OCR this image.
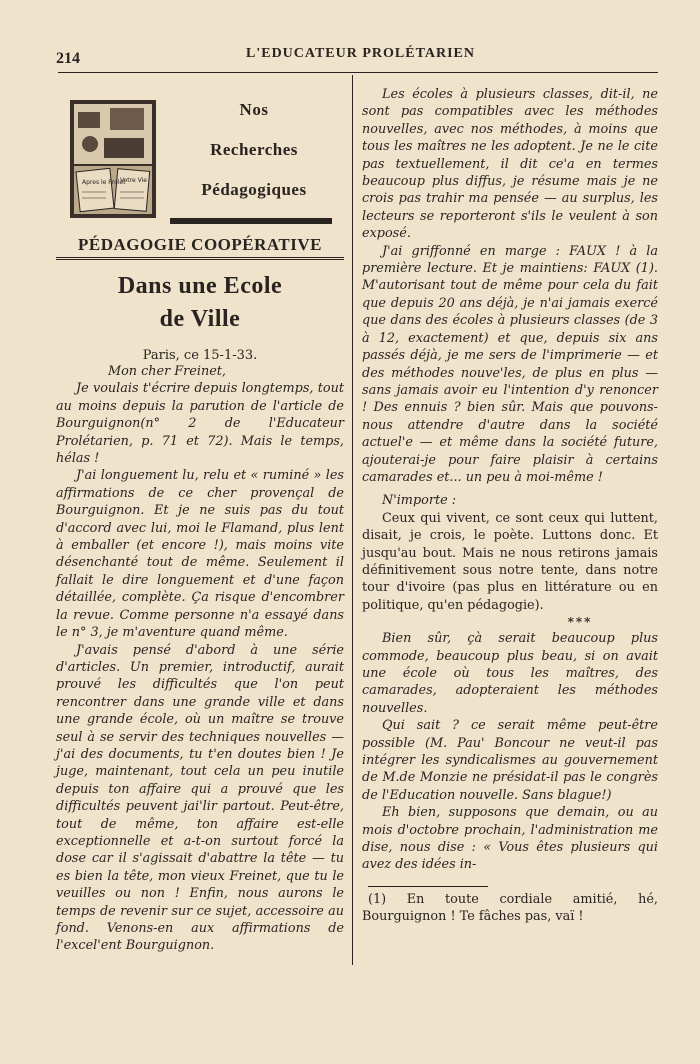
214	L'EDUCATEUR PROLÉTARIEN
Apres le Prolet
Votre Vie
Nos
Recherches
Pédagogiques
PÉDAGOGIE COOPÉRATIVE
Dans une Ecole
de Ville
Paris, ce 15-1-33.

Mon cher Freinet,

Je voulais t'écrire depuis longtemps, tout au moins depuis la parution de l'article de Bourguignon(n° 2 de l'Educateur Prolétarien, p. 71 et 72). Mais le temps, hélas !

J'ai longuement lu, relu et « ruminé » les affirmations de ce cher provençal de Bourguignon. Et je ne suis pas du tout d'accord avec lui, moi le Flamand, plus lent à emballer (et encore !), mais moins vite désenchanté tout de même. Seulement il fallait le dire longuement et d'une façon détaillée, complète. Ça risque d'encombrer la revue. Comme personne n'a essayé dans le n° 3, je m'aventure quand même.

J'avais pensé d'abord à une série d'articles. Un premier, introductif, aurait prouvé les difficultés que l'on peut rencontrer dans une grande ville et dans une grande école, où un maître se trouve seul à se servir des techniques nouvelles — j'ai des documents, tu t'en doutes bien ! Je juge, maintenant, tout cela un peu inutile depuis ton affaire qui a prouvé que les difficultés peuvent jai'lir partout. Peut-être, tout de même, ton affaire est-elle exceptionnelle et a-t-on surtout forcé la dose car il s'agissait d'abattre la tête — tu es bien la tête, mon vieux Freinet, que tu le veuilles ou non ! Enfin, nous aurons le temps de revenir sur ce sujet, accessoire au fond. Venons-en aux affirmations de l'excel'ent Bourguignon.

Les écoles à plusieurs classes, dit-il, ne sont pas compatibles avec les méthodes nouvelles, avec nos méthodes, à moins que tous les maîtres ne les adoptent. Je ne le cite pas textuellement, il dit ce'a en termes beaucoup plus diffus, je résume mais je ne crois pas trahir ma pensée — au surplus, les lecteurs se reporteront s'ils le veulent à son exposé.

J'ai griffonné en marge : FAUX ! à la première lecture. Et je maintiens: FAUX (1). M'autorisant tout de même pour cela du fait que depuis 20 ans déjà, je n'ai jamais exercé que dans des écoles à plusieurs classes (de 3 à 12, exactement) et que, depuis six ans passés déjà, je me sers de l'imprimerie — et des méthodes nouve'les, de plus en plus — sans jamais avoir eu l'intention d'y renoncer ! Des ennuis ? bien sûr. Mais que pouvons-nous attendre d'autre dans la société actuel'e — et même dans la société future, ajouterai-je pour faire plaisir à certains camarades et... un peu à moi-même !

N'importe :

Ceux qui vivent, ce sont ceux qui luttent, disait, je crois, le poète. Luttons donc. Et jusqu'au bout. Mais ne nous retirons jamais définitivement sous notre tente, dans notre tour d'ivoire (pas plus en littérature ou en politique, qu'en pédagogie).

***

Bien sûr, çà serait beaucoup plus commode, beaucoup plus beau, si on avait une école où tous les maîtres, des camarades, adopteraient les méthodes nouvelles.

Qui sait ? ce serait même peut-être possible (M. Pau' Boncour ne veut-il pas intégrer les syndicalismes au gouvernement de M.de Monzie ne présidat-il pas le congrès de l'Education nouvelle. Sans blague!)

Eh bien, supposons que demain, ou au mois d'octobre prochain, l'administration me dise, nous dise : « Vous êtes plusieurs qui avez des idées in-

(1) En toute cordiale amitié, hé, Bourguignon ! Te fâches pas, vaï !
